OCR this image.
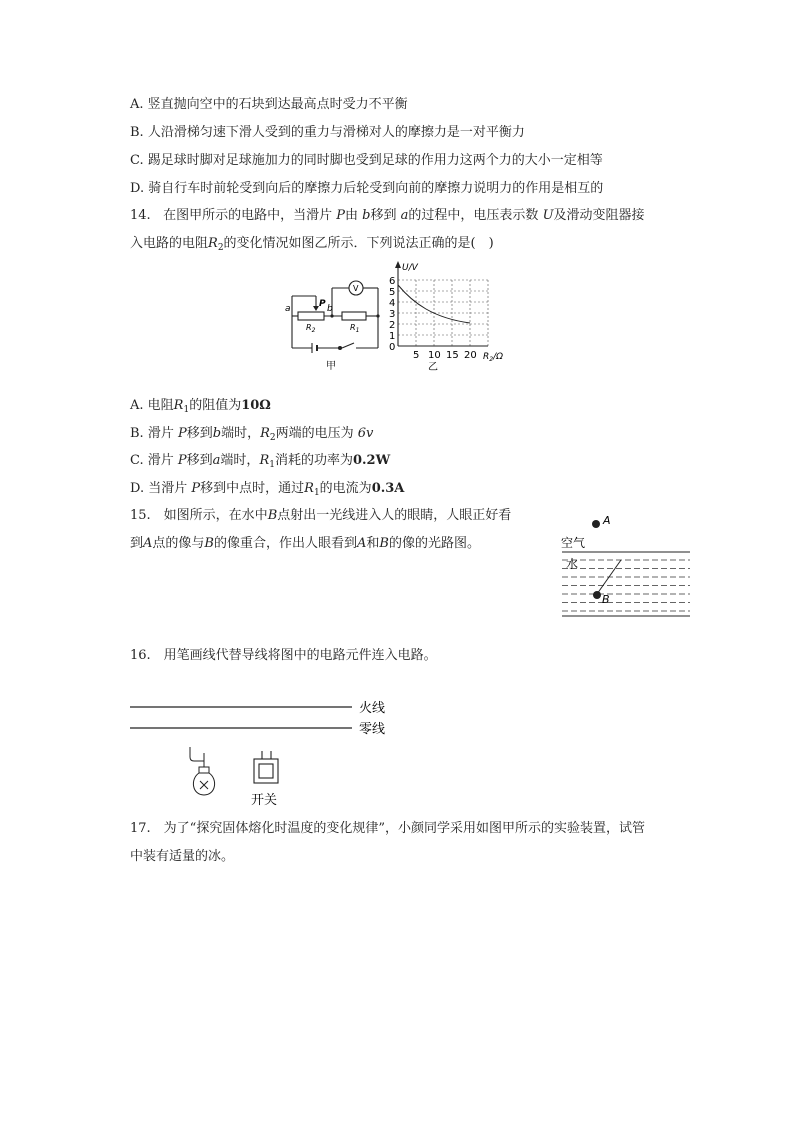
A. 竖直抛向空中的石块到达最高点时受力不平衡
B. 人沿滑梯匀速下滑人受到的重力与滑梯对人的摩擦力是一对平衡力
C. 踢足球时脚对足球施加力的同时脚也受到足球的作用力这两个力的大小一定相等
D. 骑自行车时前轮受到向后的摩擦力后轮受到向前的摩擦力说明力的作用是相互的
14. 在图甲所示的电路中，当滑片 P由 b移到 a的过程中，电压表示数 U及滑动变阻器接
入电路的电阻$R_2$的变化情况如图乙所示．下列说法正确的是(　)
a	P b
V
$R_2$	$R_1$
甲
0
1
2
3
4
5
6
5 10 15 20
U/V
$R_2/\Omega$
乙
A. 电阻$R_1$的阻值为10Ω
B. 滑片 P移到b端时，$R_2$两端的电压为 6v
C. 滑片 P移到a端时，$R_1$消耗的功率为0.2W
D. 当滑片 P移到中点时，通过$R_1$的电流为0.3A
15.　如图所示，在水中B点射出一光线进入人的眼睛，人眼正好看
到A点的像与B的像重合，作出人眼看到A和B的像的光路图。
A
空气
水
B
16.　用笔画线代替导线将图中的电路元件连入电路。
火线
零线
开关
17.　为了“探究固体熔化时温度的变化规律”，小颜同学采用如图甲所示的实验装置，试管
中装有适量的冰。
